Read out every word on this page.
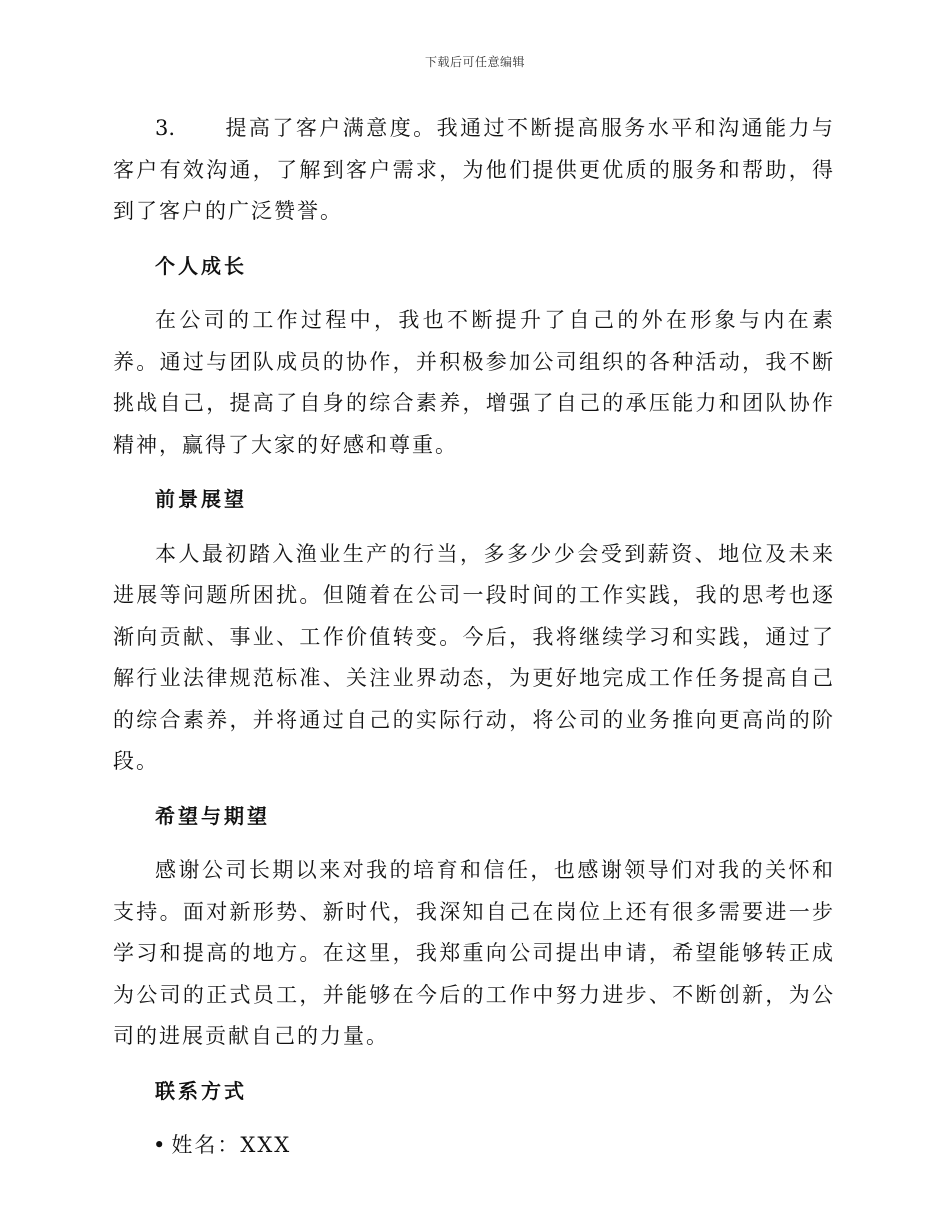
下载后可任意编辑

3. 提高了客户满意度。我通过不断提高服务水平和沟通能力与客户有效沟通，了解到客户需求，为他们提供更优质的服务和帮助，得到了客户的广泛赞誉。

个人成长

在公司的工作过程中，我也不断提升了自己的外在形象与内在素养。通过与团队成员的协作，并积极参加公司组织的各种活动，我不断挑战自己，提高了自身的综合素养，增强了自己的承压能力和团队协作精神，赢得了大家的好感和尊重。

前景展望

本人最初踏入渔业生产的行当，多多少少会受到薪资、地位及未来进展等问题所困扰。但随着在公司一段时间的工作实践，我的思考也逐渐向贡献、事业、工作价值转变。今后，我将继续学习和实践，通过了解行业法律规范标准、关注业界动态，为更好地完成工作任务提高自己的综合素养，并将通过自己的实际行动，将公司的业务推向更高尚的阶段。

希望与期望

感谢公司长期以来对我的培育和信任，也感谢领导们对我的关怀和支持。面对新形势、新时代，我深知自己在岗位上还有很多需要进一步学习和提高的地方。在这里，我郑重向公司提出申请，希望能够转正成为公司的正式员工，并能够在今后的工作中努力进步、不断创新，为公司的进展贡献自己的力量。

联系方式
• 姓名：XXX
